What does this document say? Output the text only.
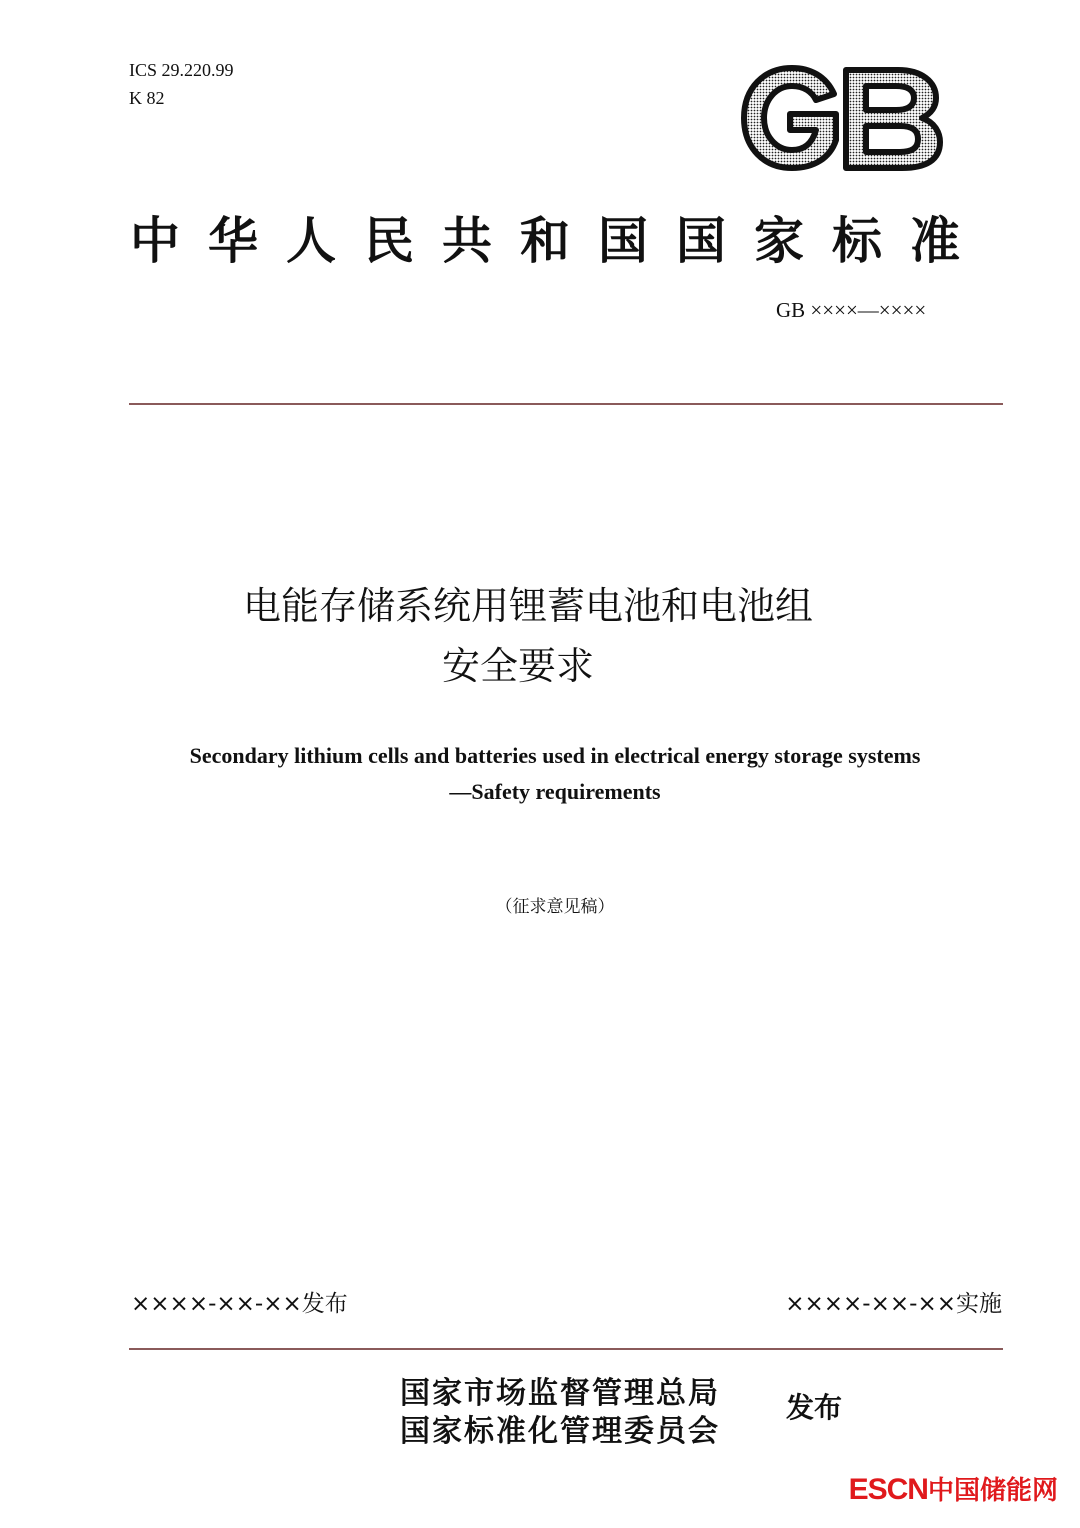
ICS 29.220.99
K 82
中华人民共和国国家标准
GB ××××—××××
电能存储系统用锂蓄电池和电池组
安全要求
Secondary lithium cells and batteries used in electrical energy storage systems
—Safety requirements
（征求意见稿）
××××-××-××发布	××××-××-××实施
国家市场监督管理总局
国家标准化管理委员会
发布
ESCN中国储能网
